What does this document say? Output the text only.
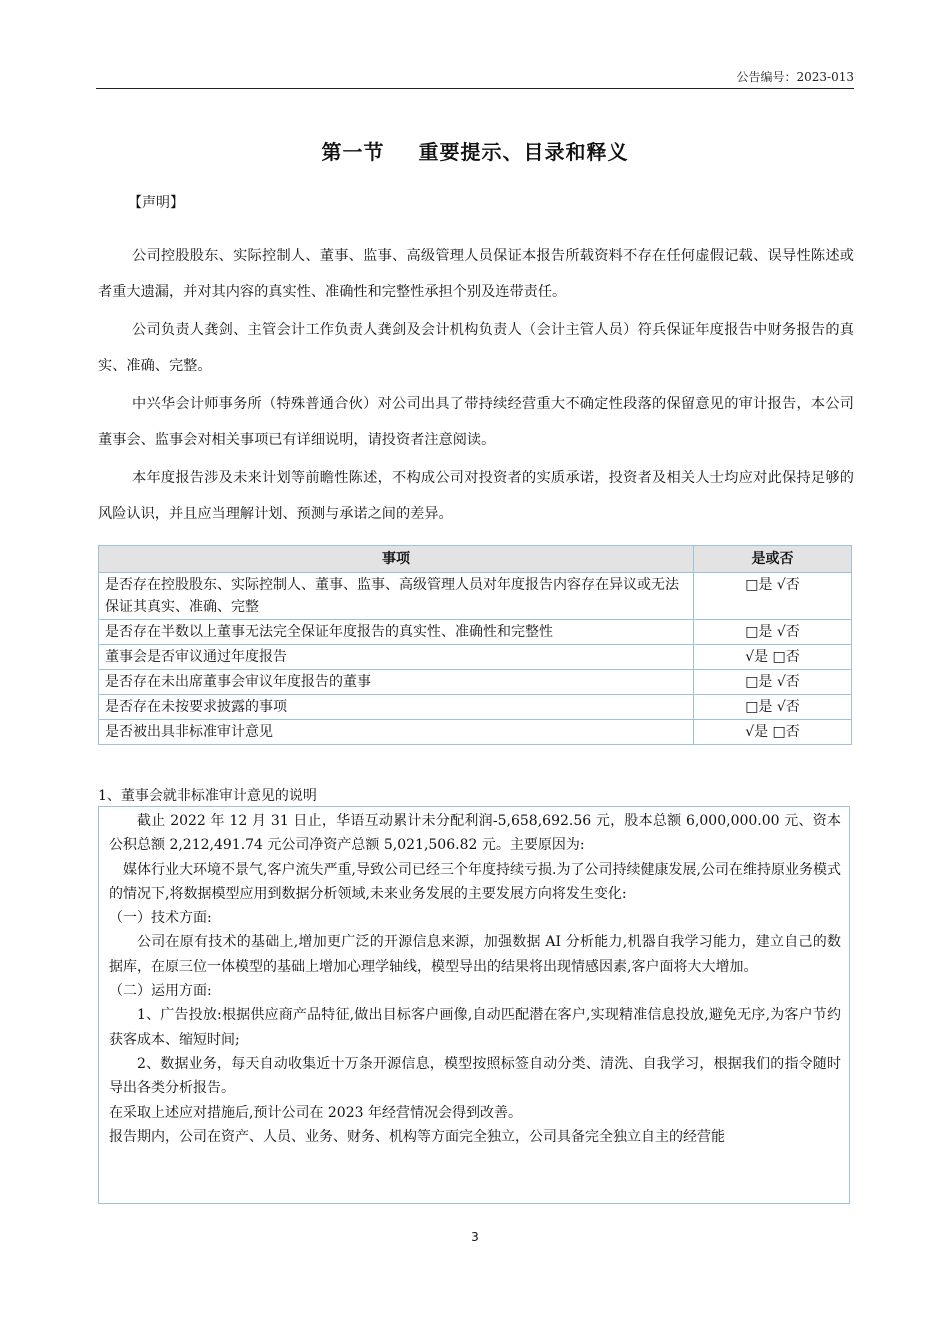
公告编号：2023-013
第一节 重要提示、目录和释义
【声明】

公司控股股东、实际控制人、董事、监事、高级管理人员保证本报告所载资料不存在任何虚假记载、误导性陈述或者重大遗漏，并对其内容的真实性、准确性和完整性承担个别及连带责任。

公司负责人龚剑、主管会计工作负责人龚剑及会计机构负责人（会计主管人员）符兵保证年度报告中财务报告的真实、准确、完整。

中兴华会计师事务所（特殊普通合伙）对公司出具了带持续经营重大不确定性段落的保留意见的审计报告，本公司董事会、监事会对相关事项已有详细说明，请投资者注意阅读。

本年度报告涉及未来计划等前瞻性陈述，不构成公司对投资者的实质承诺，投资者及相关人士均应对此保持足够的风险认识，并且应当理解计划、预测与承诺之间的差异。

事项	是或否
是否存在控股股东、实际控制人、董事、监事、高级管理人员对年度报告内容存在异议或无法保证其真实、准确、完整	□是 √否
是否存在半数以上董事无法完全保证年度报告的真实性、准确性和完整性	□是 √否
董事会是否审议通过年度报告	√是 □否
是否存在未出席董事会审议年度报告的董事	□是 √否
是否存在未按要求披露的事项	□是 √否
是否被出具非标准审计意见	√是 □否
1、董事会就非标准审计意见的说明

截止 2022 年 12 月 31 日止，华语互动累计未分配利润-5,658,692.56 元，股本总额 6,000,000.00 元、资本公积总额 2,212,491.74 元公司净资产总额 5,021,506.82 元。主要原因为:

媒体行业大环境不景气,客户流失严重,导致公司已经三个年度持续亏损.为了公司持续健康发展,公司在维持原业务模式的情况下,将数据模型应用到数据分析领域,未来业务发展的主要发展方向将发生变化:

（一）技术方面:

公司在原有技术的基础上,增加更广泛的开源信息来源，加强数据 AI 分析能力,机器自我学习能力，建立自己的数据库，在原三位一体模型的基础上增加心理学轴线，模型导出的结果将出现情感因素,客户面将大大增加。

（二）运用方面:

1、广告投放:根据供应商产品特征,做出目标客户画像,自动匹配潜在客户,实现精准信息投放,避免无序,为客户节约获客成本、缩短时间;

2、数据业务，每天自动收集近十万条开源信息，模型按照标签自动分类、清洗、自我学习，根据我们的指令随时导出各类分析报告。

在采取上述应对措施后,预计公司在 2023 年经营情况会得到改善。

报告期内，公司在资产、人员、业务、财务、机构等方面完全独立，公司具备完全独立自主的经营能

3
